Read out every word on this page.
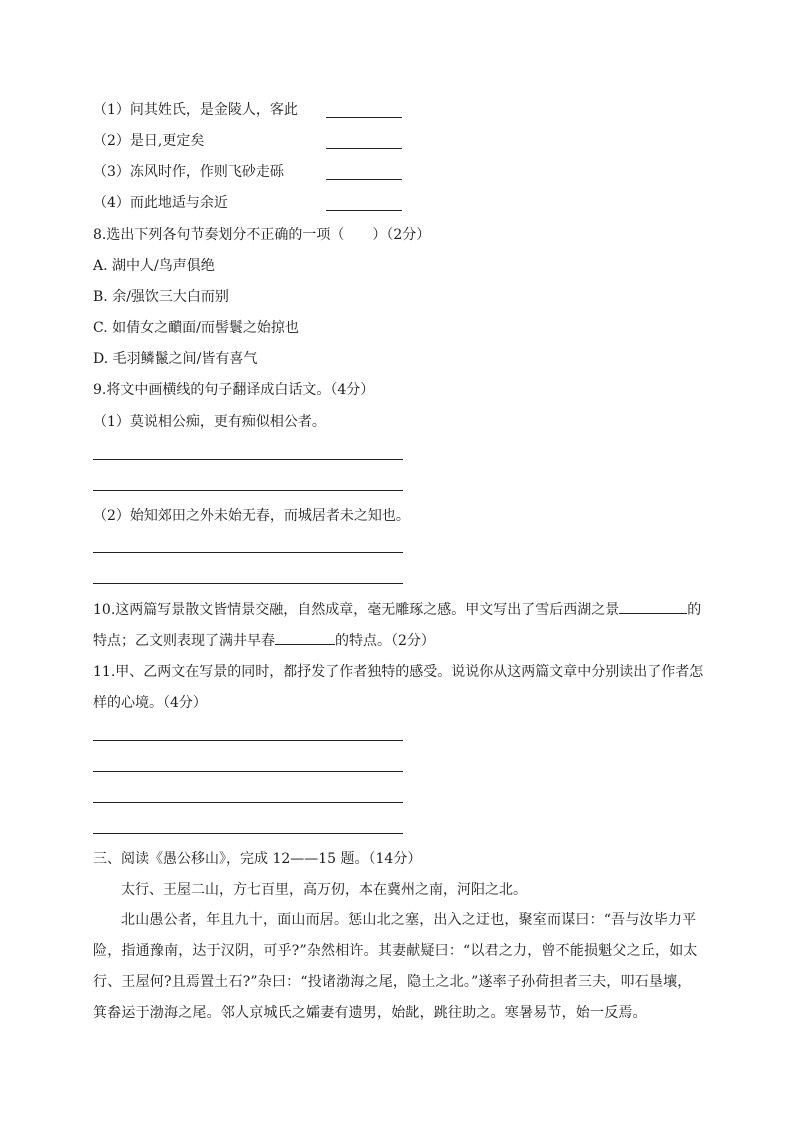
（1）问其姓氏，是金陵人，客此
（2）是日,更定矣
（3）冻风时作，作则飞砂走砾
（4）而此地适与余近
8.选出下列各句节奏划分不正确的一项（　　）（2分）
A. 湖中人/鸟声俱绝
B. 余/强饮三大白而别
C. 如倩女之靧面/而髻鬟之始掠也
D. 毛羽鳞鬣之间/皆有喜气
9.将文中画横线的句子翻译成白话文。（4分）
（1）莫说相公痴，更有痴似相公者。
（2）始知郊田之外未始无春，而城居者未之知也。
10.这两篇写景散文皆情景交融，自然成章，毫无雕琢之感。甲文写出了雪后西湖之景	的
特点；乙文则表现了满井早春	的特点。（2分）
11.甲、乙两文在写景的同时，都抒发了作者独特的感受。说说你从这两篇文章中分别读出了作者怎
样的心境。（4分）
三、阅读《愚公移山》，完成 12——15 题。（14分）
太行、王屋二山，方七百里，高万仞，本在冀州之南，河阳之北。
北山愚公者，年且九十，面山而居。惩山北之塞，出入之迂也，聚室而谋曰：“吾与汝毕力平险，指通豫南，达于汉阴，可乎?”杂然相许。其妻献疑曰：“以君之力，曾不能损魁父之丘，如太行、王屋何?且焉置土石?”杂曰：“投诸渤海之尾，隐土之北。”遂率子孙荷担者三夫，叩石垦壤，箕畚运于渤海之尾。邻人京城氏之孀妻有遗男，始龀，跳往助之。寒暑易节，始一反焉。
